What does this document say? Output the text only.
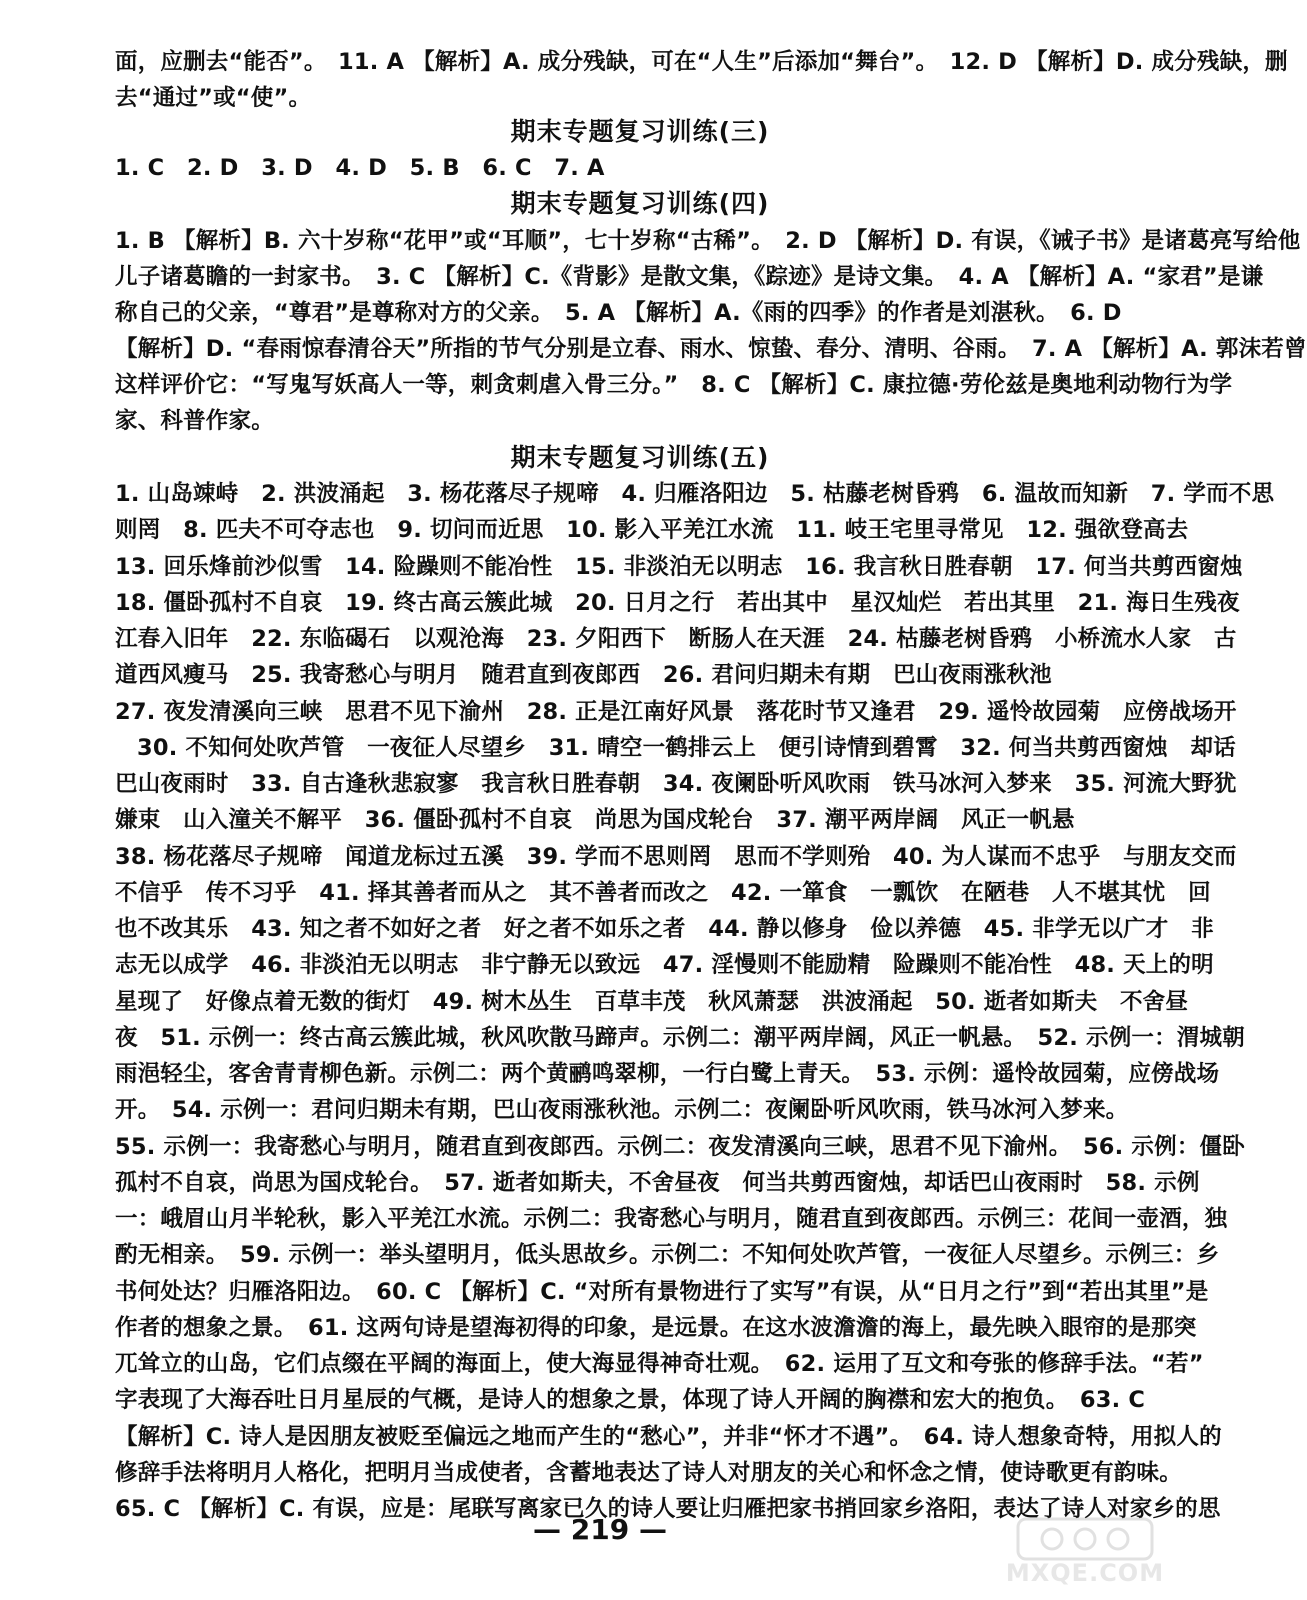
面，应删去“能否”。　11. A 【解析】A. 成分残缺，可在“人生”后添加“舞台”。　12. D 【解析】D. 成分残缺，删
去“通过”或“使”。
期末专题复习训练(三)
1. C　2. D　3. D　4. D　5. B　6. C　7. A
期末专题复习训练(四)
1. B 【解析】B. 六十岁称“花甲”或“耳顺”，七十岁称“古稀”。　2. D 【解析】D. 有误，《诫子书》是诸葛亮写给他
儿子诸葛瞻的一封家书。　3. C 【解析】C.《背影》是散文集，《踪迹》是诗文集。　4. A 【解析】A. “家君”是谦
称自己的父亲，“尊君”是尊称对方的父亲。　5. A 【解析】A.《雨的四季》的作者是刘湛秋。　6. D
【解析】D. “春雨惊春清谷天”所指的节气分别是立春、雨水、惊蛰、春分、清明、谷雨。　7. A 【解析】A. 郭沫若曾
这样评价它：“写鬼写妖高人一等，刺贪刺虐入骨三分。”　8. C 【解析】C. 康拉德·劳伦兹是奥地利动物行为学
家、科普作家。
期末专题复习训练(五)
1. 山岛竦峙　2. 洪波涌起　3. 杨花落尽子规啼　4. 归雁洛阳边　5. 枯藤老树昏鸦　6. 温故而知新　7. 学而不思
则罔　8. 匹夫不可夺志也　9. 切问而近思　10. 影入平羌江水流　11. 岐王宅里寻常见　12. 强欲登高去
13. 回乐烽前沙似雪　14. 险躁则不能冶性　15. 非淡泊无以明志　16. 我言秋日胜春朝　17. 何当共剪西窗烛
18. 僵卧孤村不自哀　19. 终古高云簇此城　20. 日月之行　若出其中　星汉灿烂　若出其里　21. 海日生残夜
江春入旧年　22. 东临碣石　以观沧海　23. 夕阳西下　断肠人在天涯　24. 枯藤老树昏鸦　小桥流水人家　古
道西风瘦马　25. 我寄愁心与明月　随君直到夜郎西　26. 君问归期未有期　巴山夜雨涨秋池
27. 夜发清溪向三峡　思君不见下渝州　28. 正是江南好风景　落花时节又逢君　29. 遥怜故园菊　应傍战场开
30. 不知何处吹芦管　一夜征人尽望乡　31. 晴空一鹤排云上　便引诗情到碧霄　32. 何当共剪西窗烛　却话
巴山夜雨时　33. 自古逢秋悲寂寥　我言秋日胜春朝　34. 夜阑卧听风吹雨　铁马冰河入梦来　35. 河流大野犹
嫌束　山入潼关不解平　36. 僵卧孤村不自哀　尚思为国戍轮台　37. 潮平两岸阔　风正一帆悬
38. 杨花落尽子规啼　闻道龙标过五溪　39. 学而不思则罔　思而不学则殆　40. 为人谋而不忠乎　与朋友交而
不信乎　传不习乎　41. 择其善者而从之　其不善者而改之　42. 一箪食　一瓢饮　在陋巷　人不堪其忧　回
也不改其乐　43. 知之者不如好之者　好之者不如乐之者　44. 静以修身　俭以养德　45. 非学无以广才　非
志无以成学　46. 非淡泊无以明志　非宁静无以致远　47. 淫慢则不能励精　险躁则不能冶性　48. 天上的明
星现了　好像点着无数的街灯　49. 树木丛生　百草丰茂　秋风萧瑟　洪波涌起　50. 逝者如斯夫　不舍昼
夜　51. 示例一：终古高云簇此城，秋风吹散马蹄声。示例二：潮平两岸阔，风正一帆悬。　52. 示例一：渭城朝
雨浥轻尘，客舍青青柳色新。示例二：两个黄鹂鸣翠柳，一行白鹭上青天。　53. 示例：遥怜故园菊，应傍战场
开。　54. 示例一：君问归期未有期，巴山夜雨涨秋池。示例二：夜阑卧听风吹雨，铁马冰河入梦来。
55. 示例一：我寄愁心与明月，随君直到夜郎西。示例二：夜发清溪向三峡，思君不见下渝州。　56. 示例：僵卧
孤村不自哀，尚思为国戍轮台。　57. 逝者如斯夫，不舍昼夜　何当共剪西窗烛，却话巴山夜雨时　58. 示例
一：峨眉山月半轮秋，影入平羌江水流。示例二：我寄愁心与明月，随君直到夜郎西。示例三：花间一壶酒，独
酌无相亲。　59. 示例一：举头望明月，低头思故乡。示例二：不知何处吹芦管，一夜征人尽望乡。示例三：乡
书何处达？归雁洛阳边。　60. C 【解析】C. “对所有景物进行了实写”有误，从“日月之行”到“若出其里”是
作者的想象之景。　61. 这两句诗是望海初得的印象，是远景。在这水波澹澹的海上，最先映入眼帘的是那突
兀耸立的山岛，它们点缀在平阔的海面上，使大海显得神奇壮观。　62. 运用了互文和夸张的修辞手法。“若”
字表现了大海吞吐日月星辰的气概，是诗人的想象之景，体现了诗人开阔的胸襟和宏大的抱负。　63. C
【解析】C. 诗人是因朋友被贬至偏远之地而产生的“愁心”，并非“怀才不遇”。　64. 诗人想象奇特，用拟人的
修辞手法将明月人格化，把明月当成使者，含蓄地表达了诗人对朋友的关心和怀念之情，使诗歌更有韵味。
65. C 【解析】C. 有误，应是：尾联写离家已久的诗人要让归雁把家书捎回家乡洛阳，表达了诗人对家乡的思
— 219 —
MXQE.COM
